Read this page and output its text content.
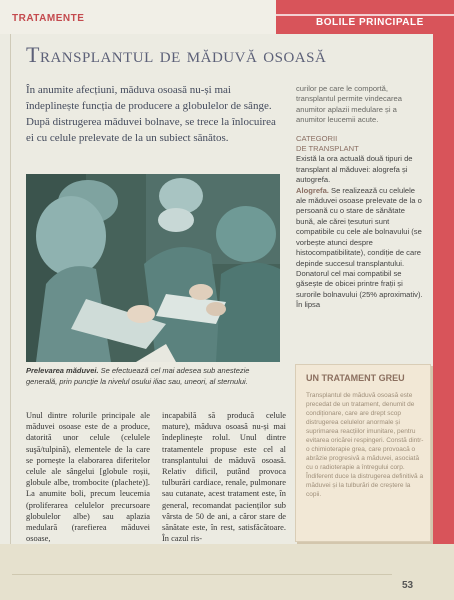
TRATAMENTE	BOLILE PRINCIPALE
Transplantul de măduvă osoasă
În anumite afecțiuni, măduva osoasă nu-și mai îndeplinește funcția de producere a globulelor de sânge. După distrugerea măduvei bolnave, se trece la înlocuirea ei cu celule prelevate de la un subiect sănătos.
Prelevarea măduvei. Se efectuează cel mai adesea sub anestezie generală, prin puncție la nivelul osului iliac sau, uneori, al sternului.
Unul dintre rolurile principale ale măduvei osoase este de a produce, datorită unor celule (celulele suşă/tulpină), elementele de la care se pornește la elaborarea diferitelor celule ale sângelui [globule roșii, globule albe, trombocite (plachete)]. La anumite boli, precum leucemia (proliferarea celulelor precursoare globulelor albe) sau aplazia medulară (rarefierea măduvei osoase,
incapabilă să producă celule mature), măduva osoasă nu-și mai îndeplinește rolul. Unul dintre tratamentele propuse este cel al transplantului de măduvă osoasă. Relativ dificil, putând provoca tulburări cardiace, renale, pulmonare sau cutanate, acest tratament este, în general, recomandat pacienților sub vârsta de 50 de ani, a căror stare de sănătate este, în rest, satisfăcătoare. În cazul ris-
curilor pe care le comportă, transplantul permite vindecarea anumitor aplazii medulare și a anumitor leucemii acute.
CATEGORII
DE TRANSPLANT
Există la ora actuală două tipuri de transplant al măduvei: alogrefa și autogrefa.
Alogrefa. Se realizează cu celulele ale măduvei osoase prelevate de la o persoană cu o stare de sănătate bună, ale cărei țesuturi sunt compatibile cu cele ale bolnavului (se vorbește atunci despre histocompatibilitate), condiție de care depinde succesul transplantului. Donatorul cel mai compatibil se găsește de obicei printre frații și surorile bolnavului (25% aproximativ). În lipsa
UN TRATAMENT GREU
Transplantul de măduvă osoasă este precedat de un tratament, denumit de condiționare, care are drept scop distrugerea celulelor anormale și suprimarea reacțiilor imunitare, pentru evitarea oricărei respingeri. Constă dintr-o chimioterapie grea, care provoacă o abrăzie progresivă a măduvei, asociată cu o radioterapie a întregului corp. Îndiferent duce la distrugerea definitivă a măduvei și la tulburări de creștere la copii.
53
